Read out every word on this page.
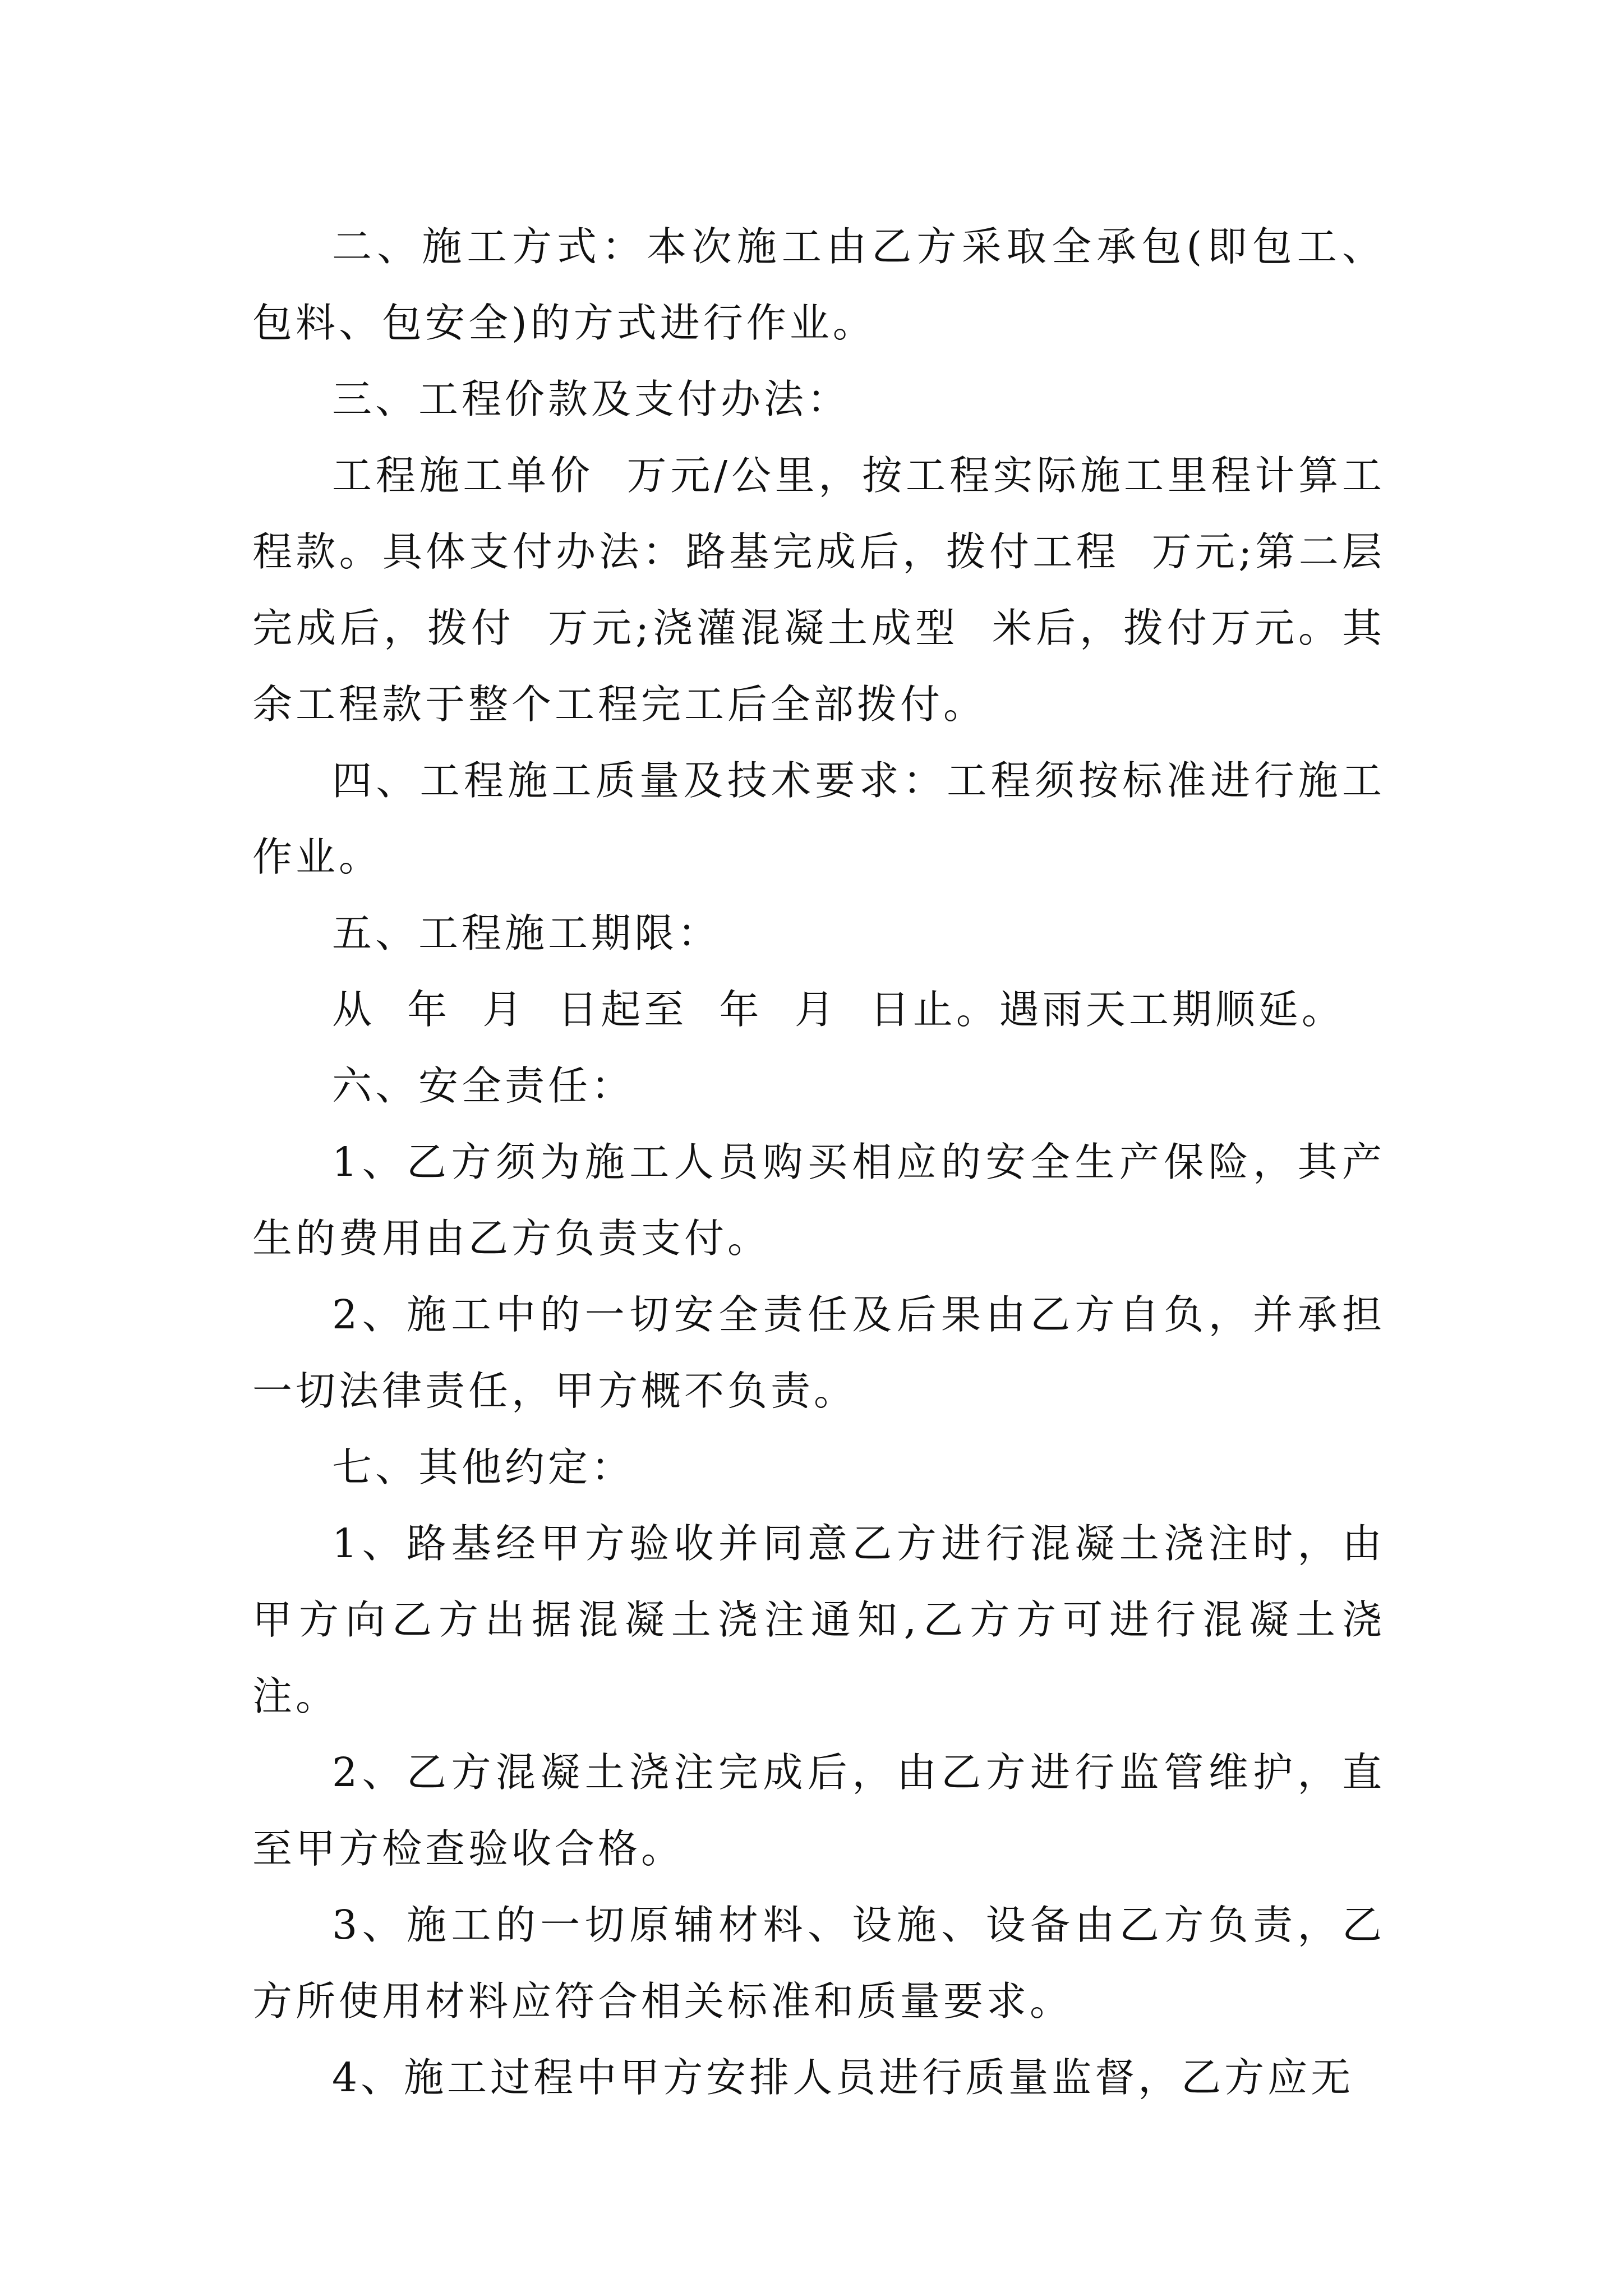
二、施工方式：本次施工由乙方采取全承包(即包工、包料、包安全)的方式进行作业。

三、工程价款及支付办法：

工程施工单价  万元/公里，按工程实际施工里程计算工程款。具体支付办法：路基完成后，拨付工程  万元;第二层完成后，拨付  万元;浇灌混凝土成型  米后，拨付万元。其余工程款于整个工程完工后全部拨付。

四、工程施工质量及技术要求：工程须按标准进行施工作业。

五、工程施工期限：

从  年  月  日起至  年  月  日止。遇雨天工期顺延。

六、安全责任：

1、乙方须为施工人员购买相应的安全生产保险，其产生的费用由乙方负责支付。

2、施工中的一切安全责任及后果由乙方自负，并承担一切法律责任，甲方概不负责。

七、其他约定：

1、路基经甲方验收并同意乙方进行混凝土浇注时，由甲方向乙方出据混凝土浇注通知,乙方方可进行混凝土浇注。

2、乙方混凝土浇注完成后，由乙方进行监管维护，直至甲方检查验收合格。

3、施工的一切原辅材料、设施、设备由乙方负责，乙方所使用材料应符合相关标准和质量要求。

4、施工过程中甲方安排人员进行质量监督，乙方应无
